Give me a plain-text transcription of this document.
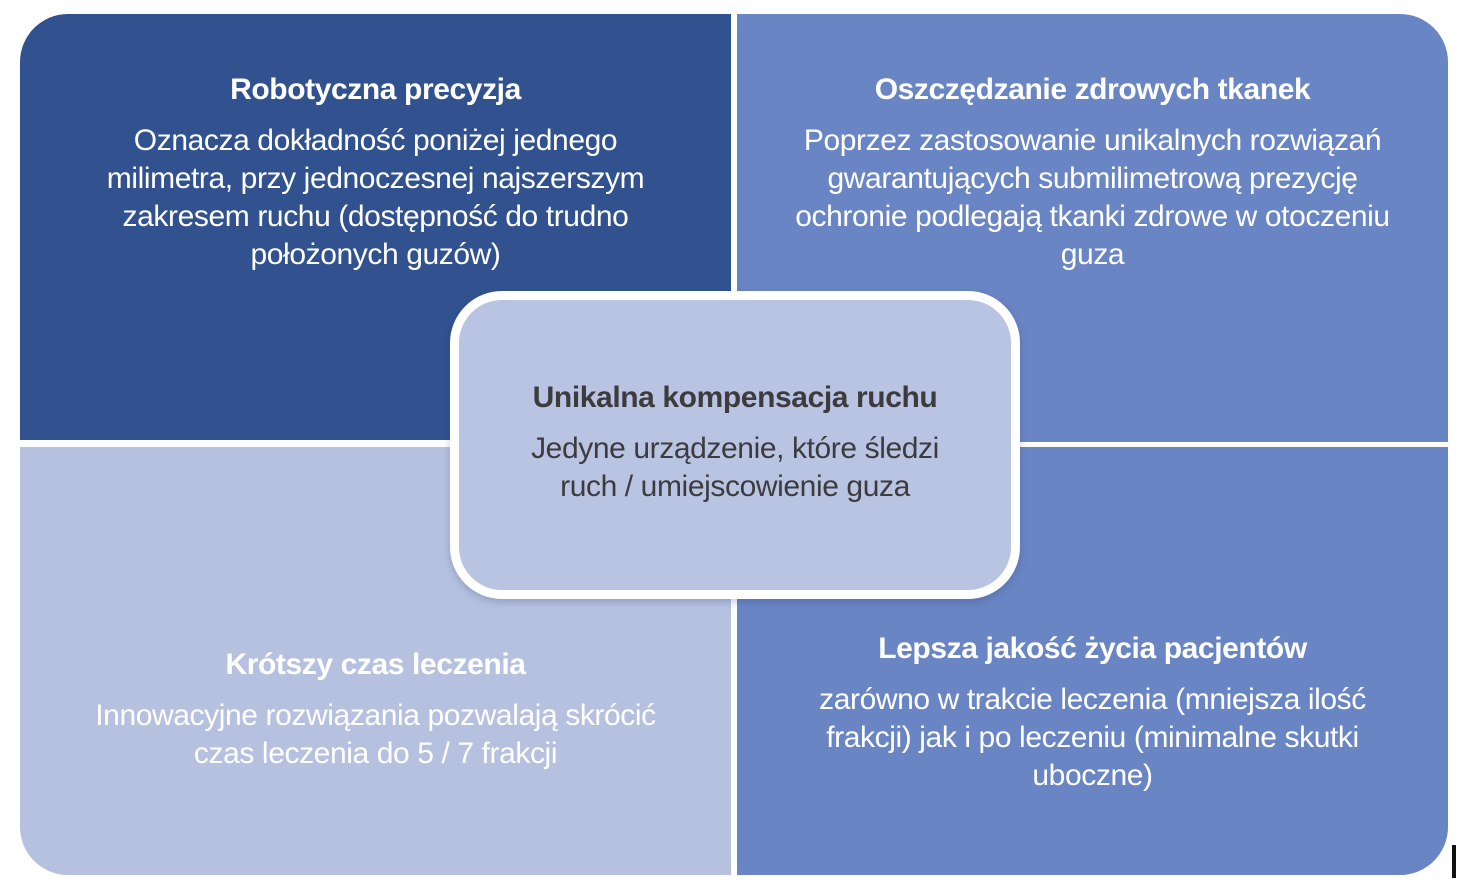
Robotyczna precyzja
Oznacza dokładność poniżej jednego
milimetra, przy jednoczesnej najszerszym
zakresem ruchu (dostępność do trudno
położonych guzów)
Oszczędzanie zdrowych tkanek
Poprzez zastosowanie unikalnych rozwiązań
gwarantujących submilimetrową prezycję
ochronie podlegają tkanki zdrowe w otoczeniu
guza
Krótszy czas leczenia
Innowacyjne rozwiązania pozwalają skrócić
czas leczenia do 5 / 7 frakcji
Lepsza jakość życia pacjentów
zarówno w trakcie leczenia (mniejsza ilość
frakcji) jak i po leczeniu (minimalne skutki
uboczne)
Unikalna kompensacja ruchu
Jedyne urządzenie, które śledzi
ruch / umiejscowienie guza
